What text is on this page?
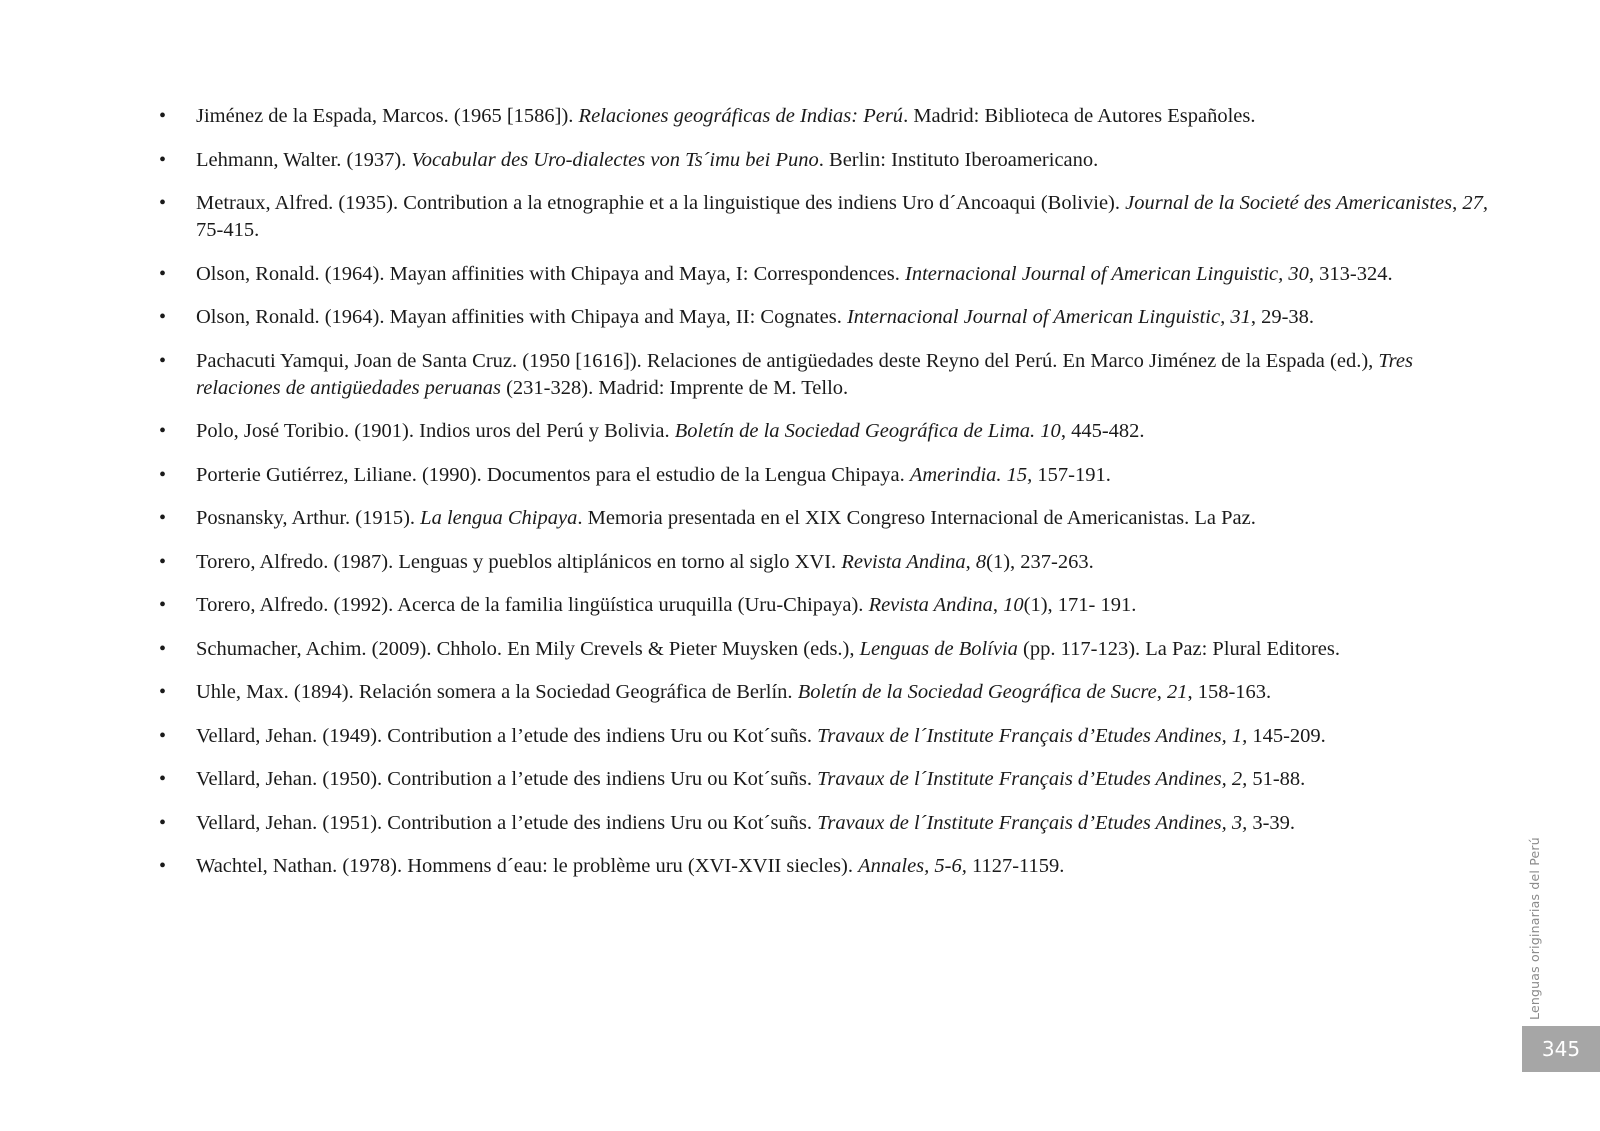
• Jiménez de la Espada, Marcos. (1965 [1586]). Relaciones geográficas de Indias: Perú. Madrid: Biblioteca de Autores Españoles.
• Lehmann, Walter. (1937). Vocabular des Uro-dialectes von Ts´imu bei Puno. Berlin: Instituto Iberoamericano.
• Metraux, Alfred. (1935). Contribution a la etnographie et a la linguistique des indiens Uro d´Ancoaqui (Bolivie). Journal de la Societé des Americanistes, 27, 75-415.
• Olson, Ronald. (1964). Mayan affinities with Chipaya and Maya, I: Correspondences. Internacional Journal of American Linguistic, 30, 313-324.
• Olson, Ronald. (1964). Mayan affinities with Chipaya and Maya, II: Cognates. Internacional Journal of American Linguistic, 31, 29-38.
• Pachacuti Yamqui, Joan de Santa Cruz. (1950 [1616]). Relaciones de antigüedades deste Reyno del Perú. En Marco Jiménez de la Espada (ed.), Tres relaciones de antigüedades peruanas (231-328). Madrid: Imprente de M. Tello.
• Polo, José Toribio. (1901). Indios uros del Perú y Bolivia. Boletín de la Sociedad Geográfica de Lima. 10, 445-482.
• Porterie Gutiérrez, Liliane. (1990). Documentos para el estudio de la Lengua Chipaya. Amerindia. 15, 157-191.
• Posnansky, Arthur. (1915). La lengua Chipaya. Memoria presentada en el XIX Congreso Internacional de Americanistas. La Paz.
• Torero, Alfredo. (1987). Lenguas y pueblos altiplánicos en torno al siglo XVI. Revista Andina, 8(1), 237-263.
• Torero, Alfredo. (1992). Acerca de la familia lingüística uruquilla (Uru-Chipaya). Revista Andina, 10(1), 171- 191.
• Schumacher, Achim. (2009). Chholo. En Mily Crevels & Pieter Muysken (eds.), Lenguas de Bolívia (pp. 117-123). La Paz: Plural Editores.
• Uhle, Max. (1894). Relación somera a la Sociedad Geográfica de Berlín. Boletín de la Sociedad Geográfica de Sucre, 21, 158-163.
• Vellard, Jehan. (1949). Contribution a l’etude des indiens Uru ou Kot´suñs. Travaux de l´Institute Français d’Etudes Andines, 1, 145-209.
• Vellard, Jehan. (1950). Contribution a l’etude des indiens Uru ou Kot´suñs. Travaux de l´Institute Français d’Etudes Andines, 2, 51-88.
• Vellard, Jehan. (1951). Contribution a l’etude des indiens Uru ou Kot´suñs. Travaux de l´Institute Français d’Etudes Andines, 3, 3-39.
• Wachtel, Nathan. (1978). Hommens d´eau: le problème uru (XVI-XVII siecles). Annales, 5-6, 1127-1159.	Lenguas originarias del Perú
345
